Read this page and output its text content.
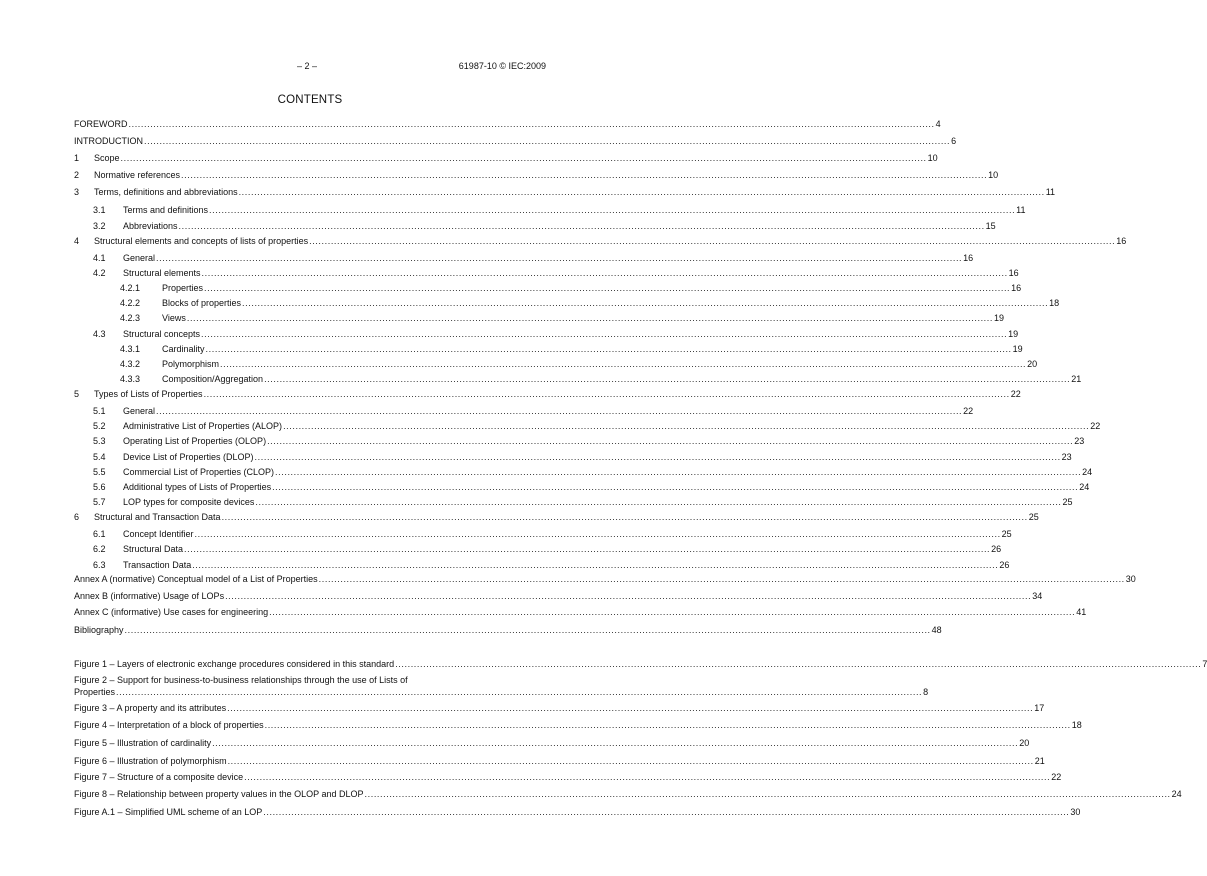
– 2 –	61987-10 © IEC:2009
CONTENTS
FOREWORD .................................................................................................................................................................................................................................................................... 4
INTRODUCTION .................................................................................................................................................................................................................................................................... 6
1	Scope .................................................................................................................................................................................................................................................................... 10
2	Normative references .................................................................................................................................................................................................................................................................... 10
3	Terms, definitions and abbreviations .................................................................................................................................................................................................................................................................... 11
3.1	Terms and definitions .................................................................................................................................................................................................................................................................... 11
3.2	Abbreviations .................................................................................................................................................................................................................................................................... 15
4	Structural elements and concepts of lists of properties .................................................................................................................................................................................................................................................................... 16
4.1	General .................................................................................................................................................................................................................................................................... 16
4.2	Structural elements .................................................................................................................................................................................................................................................................... 16
4.2.1	Properties .................................................................................................................................................................................................................................................................... 16
4.2.2	Blocks of properties .................................................................................................................................................................................................................................................................... 18
4.2.3	Views .................................................................................................................................................................................................................................................................... 19
4.3	Structural concepts .................................................................................................................................................................................................................................................................... 19
4.3.1	Cardinality .................................................................................................................................................................................................................................................................... 19
4.3.2	Polymorphism .................................................................................................................................................................................................................................................................... 20
4.3.3	Composition/Aggregation .................................................................................................................................................................................................................................................................... 21
5	Types of Lists of Properties .................................................................................................................................................................................................................................................................... 22
5.1	General .................................................................................................................................................................................................................................................................... 22
5.2	Administrative List of Properties (ALOP) .................................................................................................................................................................................................................................................................... 22
5.3	Operating List of Properties (OLOP) .................................................................................................................................................................................................................................................................... 23
5.4	Device List of Properties (DLOP) .................................................................................................................................................................................................................................................................... 23
5.5	Commercial List of Properties (CLOP) .................................................................................................................................................................................................................................................................... 24
5.6	Additional types of Lists of Properties .................................................................................................................................................................................................................................................................... 24
5.7	LOP types for composite devices .................................................................................................................................................................................................................................................................... 25
6	Structural and Transaction Data .................................................................................................................................................................................................................................................................... 25
6.1	Concept Identifier .................................................................................................................................................................................................................................................................... 25
6.2	Structural Data .................................................................................................................................................................................................................................................................... 26
6.3	Transaction Data .................................................................................................................................................................................................................................................................... 26
Annex A (normative) Conceptual model of a List of Properties .................................................................................................................................................................................................................................................................... 30
Annex B (informative) Usage of LOPs .................................................................................................................................................................................................................................................................... 34
Annex C (informative) Use cases for engineering .................................................................................................................................................................................................................................................................... 41
Bibliography .................................................................................................................................................................................................................................................................... 48
Figure 1 – Layers of electronic exchange procedures considered in this standard .................................................................................................................................................................................................................................................................... 7
Figure 2 – Support for business-to-business relationships through the use of Lists of
Properties .................................................................................................................................................................................................................................................................... 8
Figure 3 – A property and its attributes .................................................................................................................................................................................................................................................................... 17
Figure 4 – Interpretation of a block of properties .................................................................................................................................................................................................................................................................... 18
Figure 5 – Illustration of cardinality .................................................................................................................................................................................................................................................................... 20
Figure 6 – Illustration of polymorphism .................................................................................................................................................................................................................................................................... 21
Figure 7 – Structure of a composite device .................................................................................................................................................................................................................................................................... 22
Figure 8 – Relationship between property values in the OLOP and DLOP .................................................................................................................................................................................................................................................................... 24
Figure A.1 – Simplified UML scheme of an LOP .................................................................................................................................................................................................................................................................... 30
